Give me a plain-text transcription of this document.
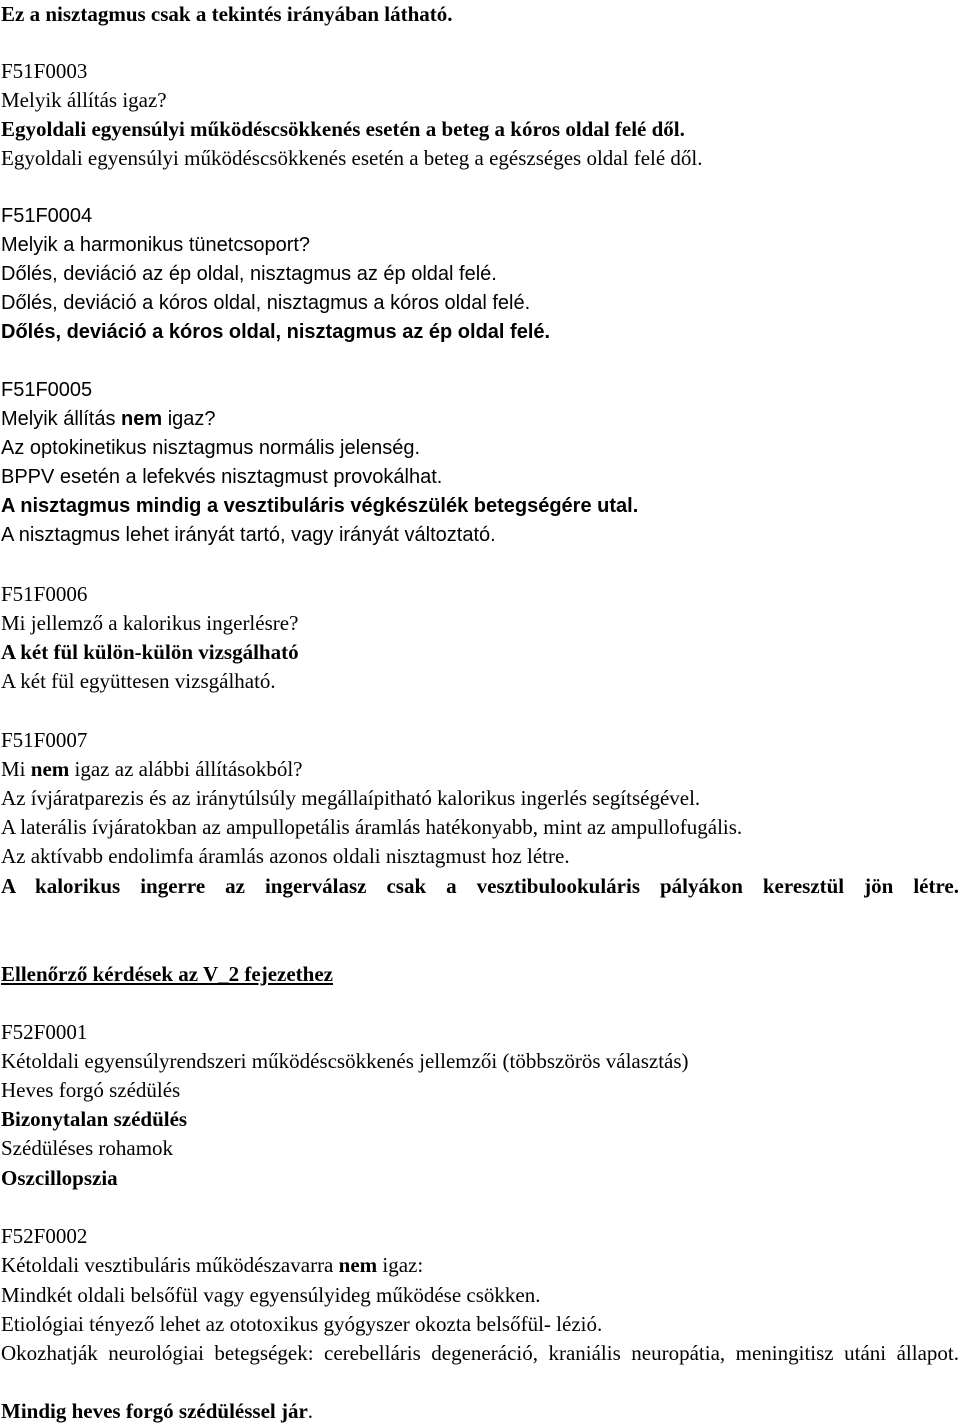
Ez a nisztagmus csak a tekintés irányában látható.
F51F0003
Melyik állítás igaz?
Egyoldali egyensúlyi működéscsökkenés esetén a beteg a kóros oldal felé dől.
Egyoldali egyensúlyi működéscsökkenés esetén a beteg a egészséges oldal felé dől.
F51F0004
Melyik a harmonikus tünetcsoport?
Dőlés, deviáció az ép oldal, nisztagmus az ép oldal felé.
Dőlés, deviáció a kóros oldal, nisztagmus a kóros oldal felé.
Dőlés, deviáció a kóros oldal, nisztagmus az ép oldal felé.
F51F0005
Melyik állítás nem igaz?
Az optokinetikus nisztagmus normális jelenség.
BPPV esetén a lefekvés nisztagmust provokálhat.
A nisztagmus mindig a vesztibuláris végkészülék betegségére utal.
A nisztagmus lehet irányát tartó, vagy irányát változtató.
F51F0006
Mi jellemző a kalorikus ingerlésre?
A két fül külön-külön vizsgálható
A két fül együttesen vizsgálható.
F51F0007
Mi nem igaz az alábbi állításokból?
Az ívjáratparezis és az iránytúlsúly megállaípitható kalorikus ingerlés segítségével.
A laterális ívjáratokban az ampullopetális áramlás hatékonyabb, mint az ampullofugális.
Az aktívabb endolimfa áramlás azonos oldali nisztagmust hoz létre.
A kalorikus ingerre az ingerválasz csak a vesztibulookuláris pályákon keresztül jön létre.
Ellenőrző kérdések az V_2 fejezethez
F52F0001
Kétoldali egyensúlyrendszeri működéscsökkenés jellemzői (többszörös választás)
Heves forgó szédülés
Bizonytalan szédülés
Szédüléses rohamok
Oszcillopszia
F52F0002
Kétoldali vesztibuláris működészavarra nem igaz:
Mindkét oldali belsőfül vagy egyensúlyideg működése csökken.
Etiológiai tényező lehet az ototoxikus gyógyszer okozta belsőfül- lézió.
Okozhatják neurológiai betegségek: cerebelláris degeneráció, kraniális neuropátia, meningitisz utáni állapot.
Mindig heves forgó szédüléssel jár.
